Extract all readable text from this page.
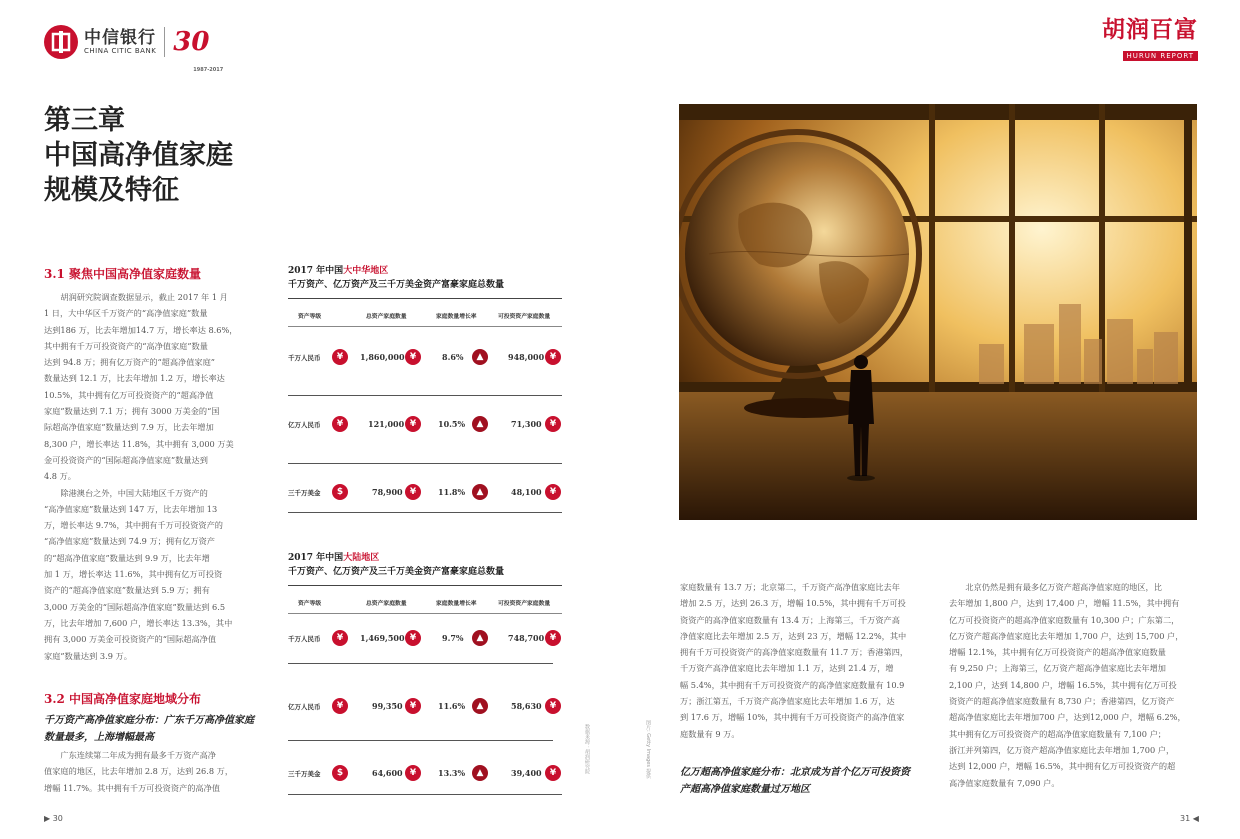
中信银行
CHINA CITIC BANK 30
1987-2017
胡润百富
HURUN REPORT
第三章
中国高净值家庭
规模及特征
3.1 聚焦中国高净值家庭数量
胡润研究院调查数据显示，截止 2017 年 1 月
1 日，大中华区千万资产的“高净值家庭”数量
达到186 万，比去年增加14.7 万，增长率达 8.6%，
其中拥有千万可投资资产的“高净值家庭”数量
达到 94.8 万；拥有亿万资产的“超高净值家庭”
数量达到 12.1 万，比去年增加 1.2 万，增长率达
10.5%，其中拥有亿万可投资资产的“超高净值
家庭”数量达到 7.1 万；拥有 3000 万美金的“国
际超高净值家庭”数量达到 7.9 万，比去年增加
8,300 户，增长率达 11.8%，其中拥有 3,000 万美
金可投资资产的“国际超高净值家庭”数量达到
4.8 万。
除港澳台之外，中国大陆地区千万资产的
“高净值家庭”数量达到 147 万，比去年增加 13
万，增长率达 9.7%，其中拥有千万可投资资产的
“高净值家庭”数量达到 74.9 万；拥有亿万资产
的“超高净值家庭”数量达到 9.9 万，比去年增
加 1 万，增长率达 11.6%，其中拥有亿万可投资
资产的“超高净值家庭”数量达到 5.9 万；拥有
3,000 万美金的“国际超高净值家庭”数量达到 6.5
万，比去年增加 7,600 户，增长率达 13.3%，其中
拥有 3,000 万美金可投资资产的“国际超高净值
家庭”数量达到 3.9 万。
3.2 中国高净值家庭地域分布
千万资产高净值家庭分布：广东千万高净值家庭
数量最多，上海增幅最高
广东连续第二年成为拥有最多千万资产高净
值家庭的地区，比去年增加 2.8 万，达到 26.8 万，
增幅 11.7%。其中拥有千万可投资资产的高净值
2017 年中国大中华地区
千万资产、亿万资产及三千万美金资产富豪家庭总数量
资产等级	总资产家庭数量	家庭数量增长率	可投资资产家庭数量
千万人民币	¥	1,860,000 ¥	8.6%	▲	948,000 ¥
亿万人民币	¥	121,000 ¥	10.5%	▲	71,300 ¥
三千万美金	$	78,900 ¥	11.8%	▲	48,100 ¥
2017 年中国大陆地区
千万资产、亿万资产及三千万美金资产富豪家庭总数量
资产等级	总资产家庭数量	家庭数量增长率	可投资资产家庭数量
千万人民币	¥	1,469,500 ¥	9.7%	▲	748,700 ¥
亿万人民币	¥	99,350 ¥	11.6%	▲	58,630 ¥
三千万美金	$	64,600 ¥	13.3%	▲	39,400 ¥	数据来源：胡润研究院	图片: Getty Images 提供
家庭数量有 13.7 万；北京第二，千万资产高净值家庭比去年
增加 2.5 万，达到 26.3 万，增幅 10.5%，其中拥有千万可投
资资产的高净值家庭数量有 13.4 万；上海第三，千万资产高
净值家庭比去年增加 2.5 万，达到 23 万，增幅 12.2%，其中
拥有千万可投资资产的高净值家庭数量有 11.7 万；香港第四，
千万资产高净值家庭比去年增加 1.1 万，达到 21.4 万，增
幅 5.4%，其中拥有千万可投资资产的高净值家庭数量有 10.9
万；浙江第五，千万资产高净值家庭比去年增加 1.6 万，达
到 17.6 万，增幅 10%，其中拥有千万可投资资产的高净值家
庭数量有 9 万。
亿万超高净值家庭分布：北京成为首个亿万可投资资
产超高净值家庭数量过万地区
北京仍然是拥有最多亿万资产超高净值家庭的地区，比
去年增加 1,800 户，达到 17,400 户，增幅 11.5%，其中拥有
亿万可投资资产的超高净值家庭数量有 10,300 户；广东第二，
亿万资产超高净值家庭比去年增加 1,700 户，达到 15,700 户，
增幅 12.1%，其中拥有亿万可投资资产的超高净值家庭数量
有 9,250 户；上海第三，亿万资产超高净值家庭比去年增加
2,100 户，达到 14,800 户，增幅 16.5%，其中拥有亿万可投
资资产的超高净值家庭数量有 8,730 户；香港第四，亿万资产
超高净值家庭比去年增加700 户，达到12,000 户，增幅 6.2%，
其中拥有亿万可投资资产的超高净值家庭数量有 7,100 户；
浙江并列第四，亿万资产超高净值家庭比去年增加 1,700 户，
达到 12,000 户，增幅 16.5%，其中拥有亿万可投资资产的超
高净值家庭数量有 7,090 户。
▶ 30	31 ◀
